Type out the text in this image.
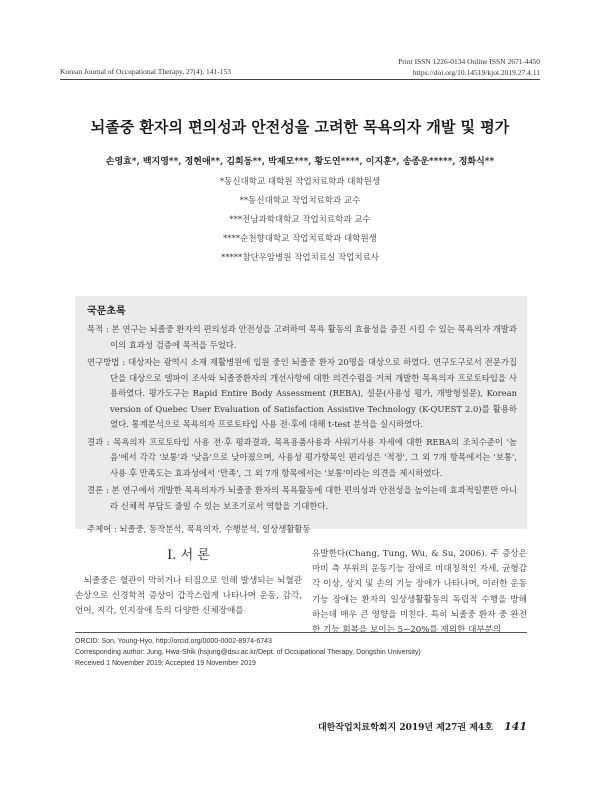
Print ISSN 1226-0134 Online ISSN 2671-4450
https://doi.org/10.14519/kjot.2019.27.4.11
Korean Journal of Occupational Therapy, 27(4), 141-153
뇌졸중 환자의 편의성과 안전성을 고려한 목욕의자 개발 및 평가
손영효*, 백지영**, 정현애**, 김희동**, 박제모***, 황도연****, 이지훈*, 송종운*****, 정화식**
*동신대학교 대학원 작업치료학과 대학원생
**동신대학교 작업치료학과 교수
***전남과학대학교 작업치료학과 교수
****순천향대학교 작업치료학과 대학원생
*****참단우암병원 작업치료실 작업치료사
국문초록

목적 : 본 연구는 뇌졸중 환자의 편의성과 안전성을 고려하여 목욕 활동의 효율성을 증진 시킬 수 있는 목욕의자 개발과 이의 효과성 검증에 목적을 두었다.

연구방법 : 대상자는 광역시 소재 재활병원에 입원 중인 뇌졸중 환자 20명을 대상으로 하였다. 연구도구로서 전문가집단을 대상으로 델파이 조사와 뇌졸중환자의 개선사항에 대한 의견수렴을 거쳐 개발한 목욕의자 프로토타입을 사용하였다. 평가도구는 Rapid Entire Body Assessment (REBA), 설문(사용성 평가, 개방형설문), Korean version of Quebec User Evaluation of Satisfaction Assistive Technology (K-QUEST 2.0)를 활용하였다. 통계분석으로 목욕의자 프로토타입 사용 전·후에 대해 t-test 분석을 실시하였다.

결과 : 목욕의자 프로토타입 사용 전·후 평과결과, 목욕용품사용과 샤워기사용 자세에 대한 REBA의 조치수준이 '높음'에서 각각 '보통'과 '낮음'으로 낮아졌으며, 사용성 평가항목인 편리성은 '적정', 그 외 7개 항목에서는 '보통', 사용 후 만족도는 효과성에서 '만족', 그 외 7개 항목에서는 '보통'이라는 의견을 제시하였다.

결론 : 본 연구에서 개발한 목욕의자가 뇌졸중 환자의 목욕활동에 대한 편의성과 안전성을 높이는데 효과적일뿐만 아니라 신체적 부담도 줄일 수 있는 보조기로서 역할을 기대한다.

주제어 : 뇌졸중, 동작분석, 목욕의자, 수행분석, 일상생활활동
Ⅰ. 서 론
뇌졸중은 혈관이 막히거나 터짐으로 인해 발생되는 뇌혈관 손상으로 신경학적 증상이 갑작스럽게 나타나며 운동, 감각, 언어, 지각, 인지장애 등의 다양한 신체장애를
유발한다(Chang, Tung, Wu, & Su, 2006). 주 증상은 마비 측 부위의 운동기능 장애로 비대칭적인 자세, 균형감각 이상, 상지 및 손의 기능 장애가 나타나며, 이러한 운동기능 장애는 환자의 일상생활활동의 독립적 수행을 방해하는데 매우 큰 영향을 미친다. 특히 뇌졸중 환자 중 완전한 기능 회복을 보이는 5~20%를 제외한 대부분의
ORCID: Son, Young-Hyo, http://orcid.org/0000-0002-8974-6743
Corresponding author: Jung, Hwa-Shik (hsjung@dsu.ac.kr/Dept. of Occupational Therapy, Dongshin University)
Received 1 November 2019; Accepted 19 November 2019
대한작업치료학회지 2019년 제27권 제4호 141
